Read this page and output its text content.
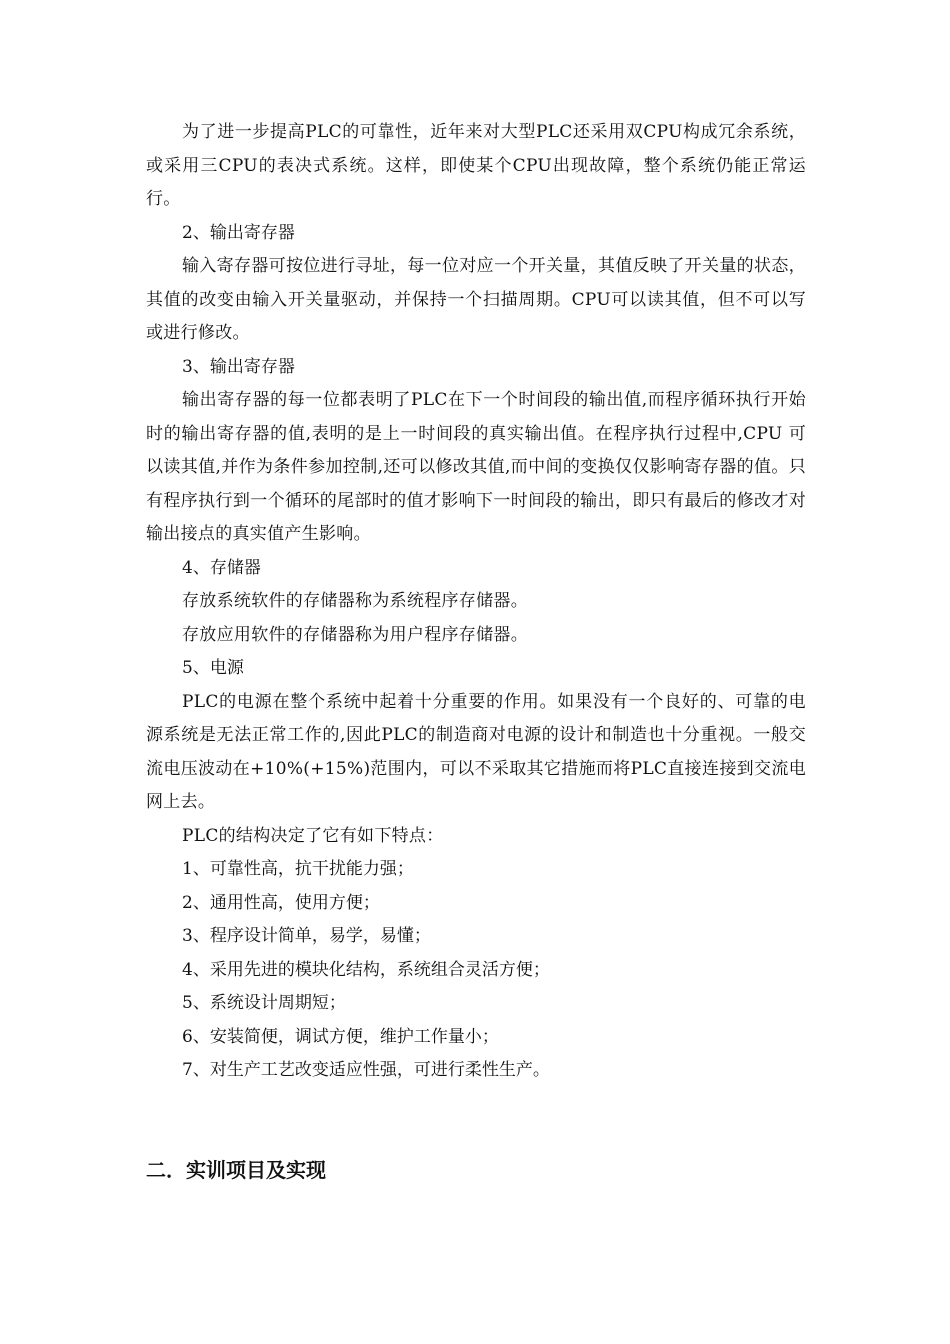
为了进一步提高PLC的可靠性，近年来对大型PLC还采用双CPU构成冗余系统，或采用三CPU的表决式系统。这样，即使某个CPU出现故障，整个系统仍能正常运行。

2、输出寄存器

输入寄存器可按位进行寻址，每一位对应一个开关量，其值反映了开关量的状态，其值的改变由输入开关量驱动，并保持一个扫描周期。CPU可以读其值，但不可以写或进行修改。

3、输出寄存器

输出寄存器的每一位都表明了PLC在下一个时间段的输出值,而程序循环执行开始时的输出寄存器的值,表明的是上一时间段的真实输出值。在程序执行过程中,CPU 可以读其值,并作为条件参加控制,还可以修改其值,而中间的变换仅仅影响寄存器的值。只有程序执行到一个循环的尾部时的值才影响下一时间段的输出，即只有最后的修改才对输出接点的真实值产生影响。

4、存储器

存放系统软件的存储器称为系统程序存储器。

存放应用软件的存储器称为用户程序存储器。

5、电源

PLC的电源在整个系统中起着十分重要的作用。如果没有一个良好的、可靠的电源系统是无法正常工作的,因此PLC的制造商对电源的设计和制造也十分重视。一般交流电压波动在+10%(+15%)范围内，可以不采取其它措施而将PLC直接连接到交流电网上去。

PLC的结构决定了它有如下特点：

1、可靠性高，抗干扰能力强；

2、通用性高，使用方便；

3、程序设计简单，易学，易懂；

4、采用先进的模块化结构，系统组合灵活方便；

5、系统设计周期短；

6、安装简便，调试方便，维护工作量小；

7、对生产工艺改变适应性强，可进行柔性生产。

二．实训项目及实现
